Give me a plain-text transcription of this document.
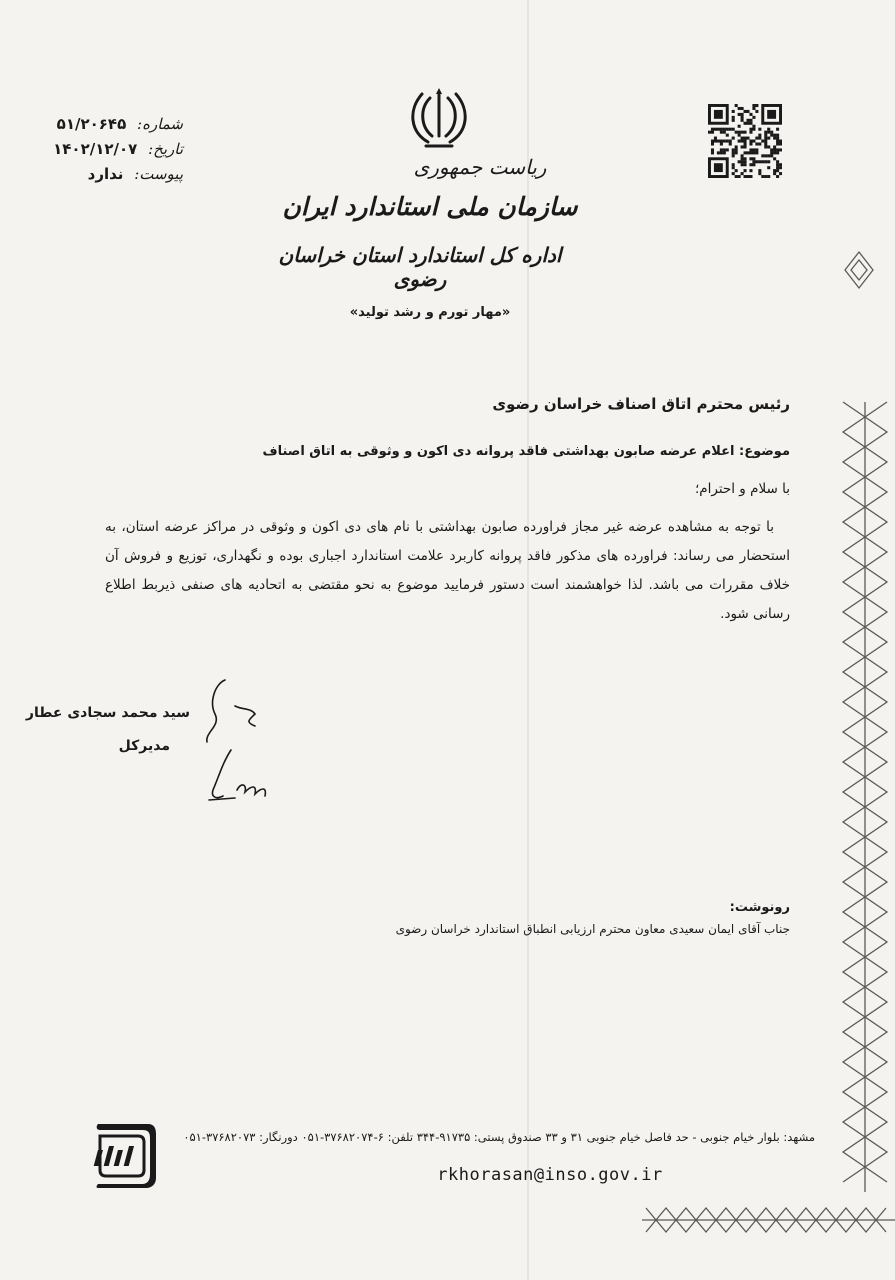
شماره: ۵۱/۲۰۶۴۵
تاریخ: ۱۴۰۲/۱۲/۰۷
پیوست: ندارد	ریاست جمهوری
سازمان ملی استاندارد ایران
اداره کل استاندارد استان خراسان رضوی
«مهار تورم و رشد تولید»
رئیس محترم اتاق اصناف خراسان رضوی
موضوع: اعلام عرضه صابون بهداشتی فاقد پروانه دی اکون و وثوقی به اتاق اصناف
با سلام و احترام؛
با توجه به مشاهده عرضه غیر مجاز فراورده صابون بهداشتی با نام های دی اکون و وثوقی در مراکز عرضه استان، به استحضار می رساند: فراورده های مذکور فاقد پروانه کاربرد علامت استاندارد اجباری بوده و نگهداری، توزیع و فروش آن خلاف مقررات می باشد. لذا خواهشمند است دستور فرمایید موضوع به نحو مقتضی به اتحادیه های صنفی ذیربط اطلاع رسانی شود.
سید محمد سجادی عطار
مدیرکل
رونوشت:
جناب آقای ایمان سعیدی معاون محترم ارزیابی انطباق استاندارد خراسان رضوی
مشهد: بلوار خیام جنوبی - حد فاصل خیام جنوبی ۳۱ و ۳۳ صندوق پستی: ۹۱۷۳۵-۳۴۴ تلفن: ۶-۳۷۶۸۲۰۷۴-۰۵۱ دورنگار: ۳۷۶۸۲۰۷۳-۰۵۱
rkhorasan@inso.gov.ir
